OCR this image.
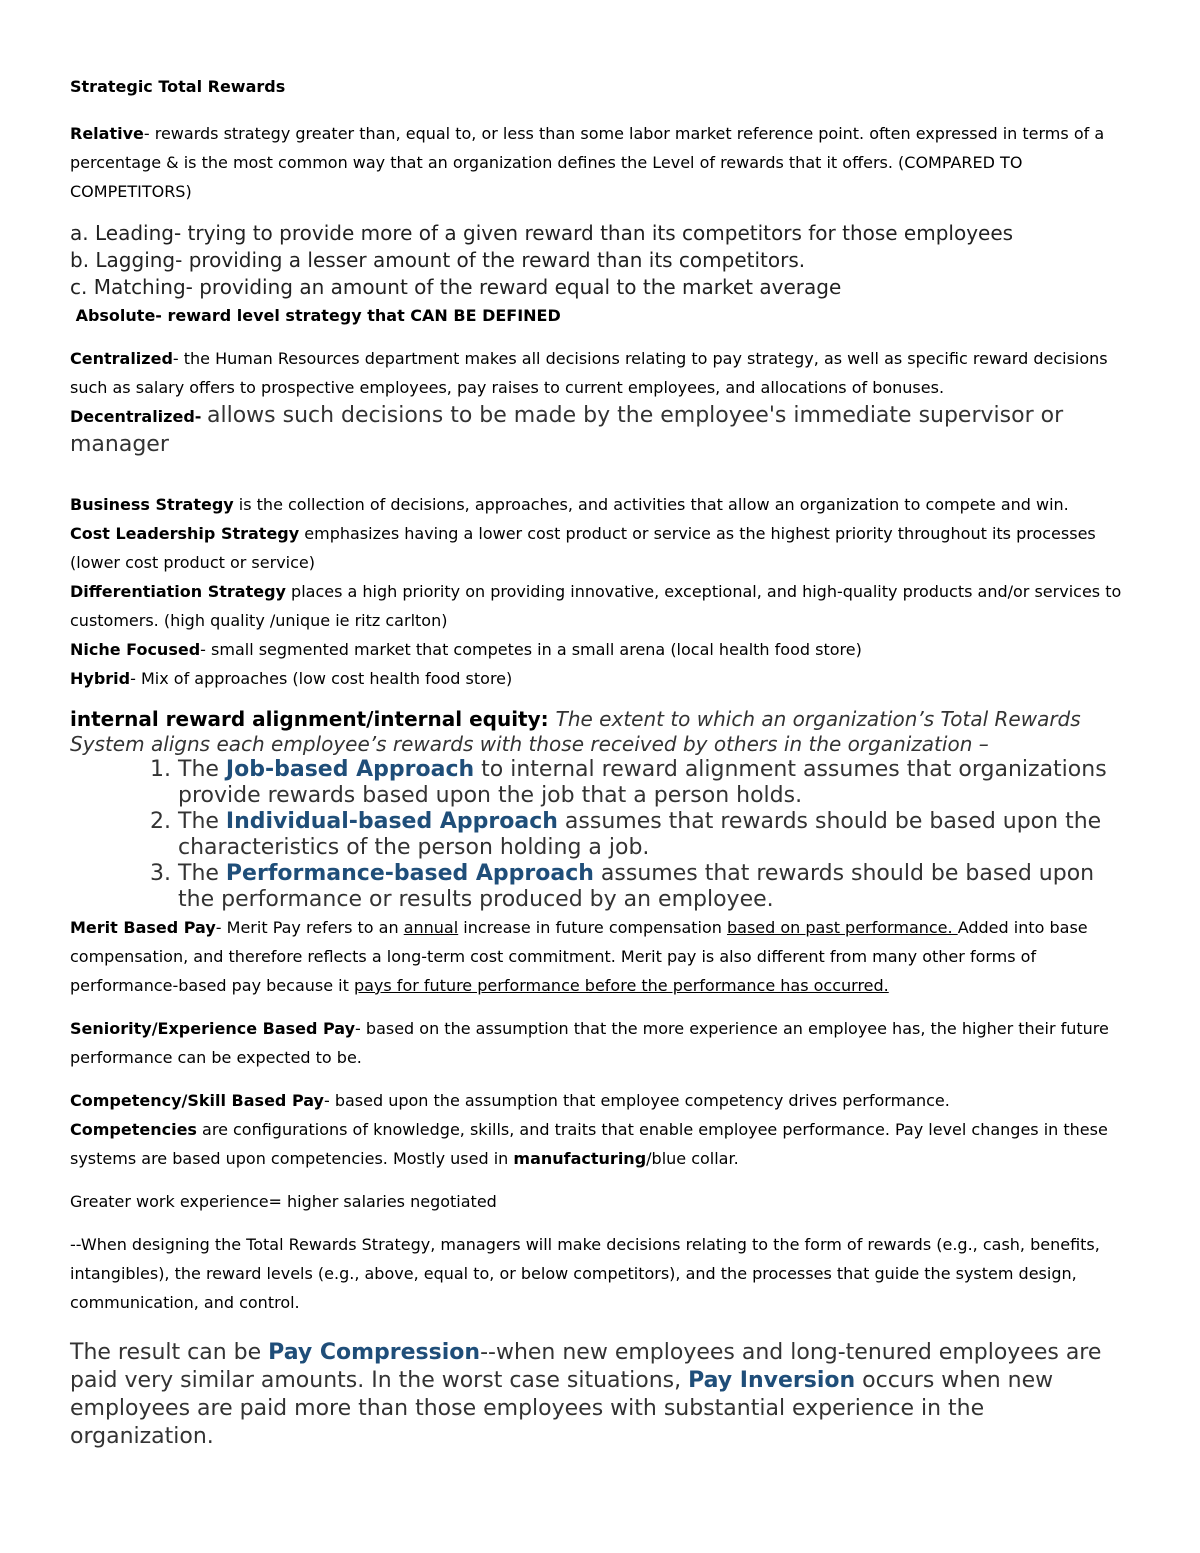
Strategic Total Rewards

Relative- rewards strategy greater than, equal to, or less than some labor market reference point. often expressed in terms of a percentage & is the most common way that an organization defines the Level of rewards that it offers. (COMPARED TO COMPETITORS)

a. Leading- trying to provide more of a given reward than its competitors for those employees

b. Lagging- providing a lesser amount of the reward than its competitors.

c. Matching- providing an amount of the reward equal to the market average

Absolute- reward level strategy that CAN BE DEFINED

Centralized- the Human Resources department makes all decisions relating to pay strategy, as well as specific reward decisions such as salary offers to prospective employees, pay raises to current employees, and allocations of bonuses.

Decentralized- allows such decisions to be made by the employee's immediate supervisor or manager

Business Strategy is the collection of decisions, approaches, and activities that allow an organization to compete and win.

Cost Leadership Strategy emphasizes having a lower cost product or service as the highest priority throughout its processes (lower cost product or service)

Differentiation Strategy places a high priority on providing innovative, exceptional, and high-quality products and/or services to customers. (high quality /unique ie ritz carlton)

Niche Focused- small segmented market that competes in a small arena (local health food store)

Hybrid- Mix of approaches (low cost health food store)

internal reward alignment/internal equity: The extent to which an organization’s Total Rewards System aligns each employee’s rewards with those received by others in the organization –

1. The Job-based Approach to internal reward alignment assumes that organizations provide rewards based upon the job that a person holds.
2. The Individual-based Approach assumes that rewards should be based upon the characteristics of the person holding a job.
3. The Performance-based Approach assumes that rewards should be based upon the performance or results produced by an employee.

Merit Based Pay- Merit Pay refers to an annual increase in future compensation based on past performance. Added into base compensation, and therefore reflects a long-term cost commitment. Merit pay is also different from many other forms of performance-based pay because it pays for future performance before the performance has occurred.

Seniority/Experience Based Pay- based on the assumption that the more experience an employee has, the higher their future performance can be expected to be.

Competency/Skill Based Pay- based upon the assumption that employee competency drives performance.
Competencies are configurations of knowledge, skills, and traits that enable employee performance. Pay level changes in these systems are based upon competencies. Mostly used in manufacturing/blue collar.

Greater work experience= higher salaries negotiated

--When designing the Total Rewards Strategy, managers will make decisions relating to the form of rewards (e.g., cash, benefits, intangibles), the reward levels (e.g., above, equal to, or below competitors), and the processes that guide the system design, communication, and control.

The result can be Pay Compression--when new employees and long-tenured employees are paid very similar amounts. In the worst case situations, Pay Inversion occurs when new employees are paid more than those employees with substantial experience in the organization.
